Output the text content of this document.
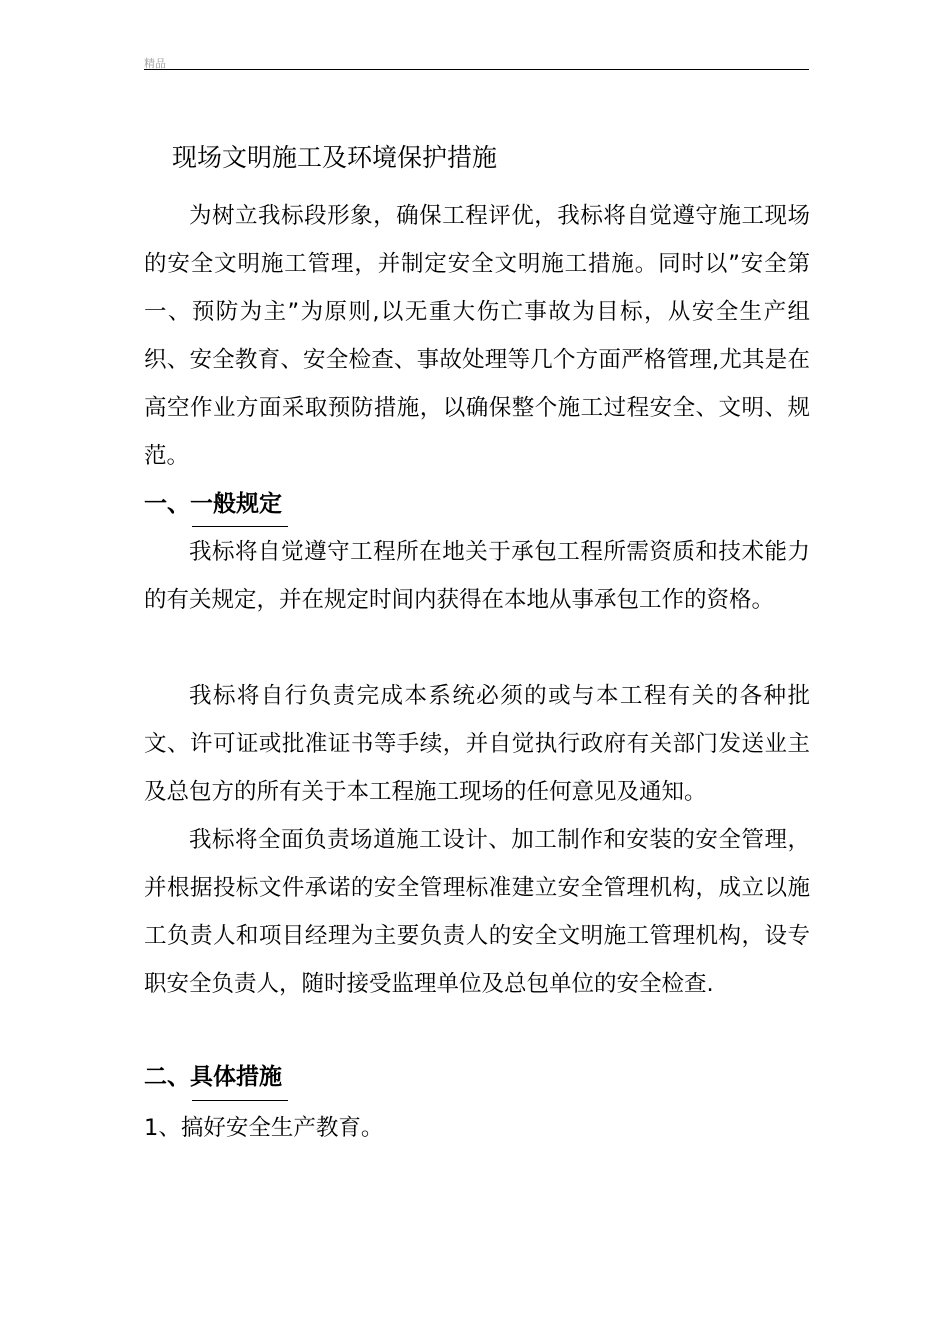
精品
现场文明施工及环境保护措施
为树立我标段形象，确保工程评优，我标将自觉遵守施工现场的安全文明施工管理，并制定安全文明施工措施。同时以”安全第一、预防为主”为原则,以无重大伤亡事故为目标，从安全生产组织、安全教育、安全检查、事故处理等几个方面严格管理,尤其是在高空作业方面采取预防措施，以确保整个施工过程安全、文明、规范。
一、一般规定
我标将自觉遵守工程所在地关于承包工程所需资质和技术能力的有关规定，并在规定时间内获得在本地从事承包工作的资格。
我标将自行负责完成本系统必须的或与本工程有关的各种批文、许可证或批准证书等手续，并自觉执行政府有关部门发送业主及总包方的所有关于本工程施工现场的任何意见及通知。
我标将全面负责场道施工设计、加工制作和安装的安全管理，并根据投标文件承诺的安全管理标准建立安全管理机构，成立以施工负责人和项目经理为主要负责人的安全文明施工管理机构，设专职安全负责人，随时接受监理单位及总包单位的安全检查.
二、具体措施
1、搞好安全生产教育。
